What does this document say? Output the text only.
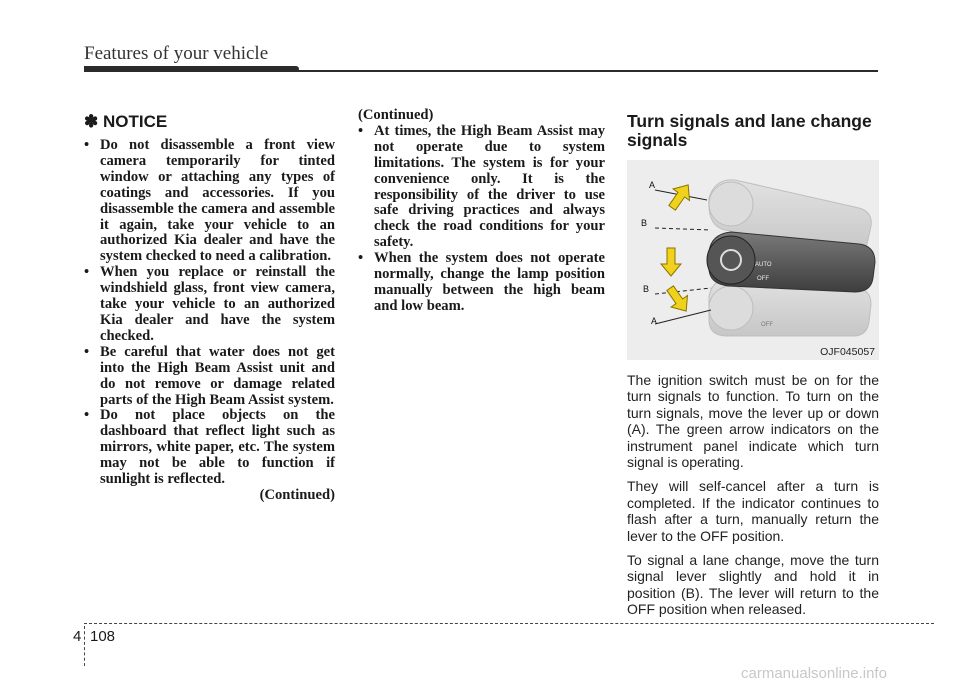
Features of your vehicle
✽ NOTICE
• Do not disassemble a front view camera temporarily for tinted window or attaching any types of coatings and accessories. If you disassemble the camera and assemble it again, take your vehicle to an authorized Kia dealer and have the system checked to need a calibration.
• When you replace or reinstall the windshield glass, front view camera, take your vehicle to an authorized Kia dealer and have the system checked.
• Be careful that water does not get into the High Beam Assist unit and do not remove or damage related parts of the High Beam Assist system.
• Do not place objects on the dashboard that reflect light such as mirrors, white paper, etc. The system may not be able to function if sunlight is reflected.
(Continued)
(Continued)
• At times, the High Beam Assist may not operate due to system limitations. The system is for your convenience only. It is the responsibility of the driver to use safe driving practices and always check the road conditions for your safety.
• When the system does not operate normally, change the lamp position manually between the high beam and low beam.
Turn signals and lane change
signals
AUTO
OFF
OFF
A
B
B
A
OJF045057

The ignition switch must be on for the turn signals to function. To turn on the turn signals, move the lever up or down (A). The green arrow indicators on the instrument panel indicate which turn signal is operating.

They will self-cancel after a turn is completed. If the indicator continues to flash after a turn, manually return the lever to the OFF position.

To signal a lane change, move the turn signal lever slightly and hold it in position (B). The lever will return to the OFF position when released.

4 108
carmanualsonline.info
